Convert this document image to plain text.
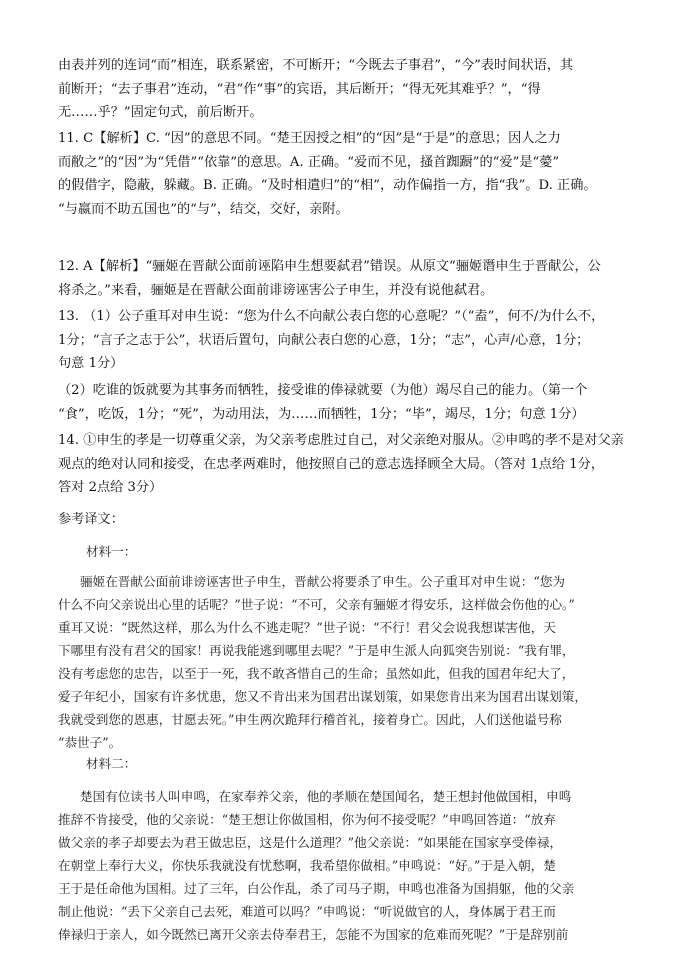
由表并列的连词“而”相连，联系紧密，不可断开；“今既去子事君”，“今”表时间状语，其
前断开；“去子事君”连动，“君”作“事”的宾语，其后断开；“得无死其难乎？”，“得
无……乎？”固定句式，前后断开。
11. C【解析】C. “因”的意思不同。“楚王因授之相”的“因”是“于是”的意思；因人之力
而敝之”的“因”为“凭借”“依靠”的意思。A. 正确。“爱而不见，搔首踟蹰”的“爱”是“薆”
的假借字，隐蔽，躲藏。B. 正确。“及时相遣归”的“相”，动作偏指一方，指“我”。D. 正确。
“与嬴而不助五国也”的“与”，结交，交好，亲附。
12. A【解析】“骊姬在晋献公面前诬陷申生想要弑君”错误。从原文“骊姬谮申生于晋献公，公
将杀之。”来看，骊姬是在晋献公面前诽谤诬害公子申生，并没有说他弑君。
13. （1）公子重耳对申生说：“您为什么不向献公表白您的心意呢？”（“盍”，何不/为什么不，
1分；“言子之志于公”，状语后置句，向献公表白您的心意，1分；“志”，心声/心意，1分；
句意 1分）
（2）吃谁的饭就要为其事务而牺牲，接受谁的俸禄就要（为他）竭尽自己的能力。（第一个
“食”，吃饭，1分；“死”，为动用法，为……而牺牲，1分；“毕”，竭尽，1分；句意 1分）
14. ①申生的孝是一切尊重父亲，为父亲考虑胜过自己，对父亲绝对服从。②申鸣的孝不是对父亲
观点的绝对认同和接受，在忠孝两难时，他按照自己的意志选择顾全大局。（答对 1点给 1分，
答对 2点给 3分）
参考译文：
材料一：
骊姬在晋献公面前诽谤诬害世子申生，晋献公将要杀了申生。公子重耳对申生说：“您为
什么不向父亲说出心里的话呢？”世子说：“不可，父亲有骊姬才得安乐，这样做会伤他的心。”
重耳又说：“既然这样，那么为什么不逃走呢？”世子说：“不行！君父会说我想谋害他，天
下哪里有没有君父的国家！再说我能逃到哪里去呢？”于是申生派人向狐突告别说：“我有罪，
没有考虑您的忠告，以至于一死，我不敢吝惜自己的生命；虽然如此，但我的国君年纪大了，
爱子年纪小，国家有许多忧患，您又不肯出来为国君出谋划策，如果您肯出来为国君出谋划策，
我就受到您的恩惠，甘愿去死。”申生两次跪拜行稽首礼，接着身亡。因此，人们送他谥号称
“恭世子”。
材料二：
楚国有位读书人叫申鸣，在家奉养父亲，他的孝顺在楚国闻名，楚王想封他做国相，申鸣
推辞不肯接受，他的父亲说：“楚王想让你做国相，你为何不接受呢？”申鸣回答道：“放弃
做父亲的孝子却要去为君王做忠臣，这是什么道理？”他父亲说：“如果能在国家享受俸禄，
在朝堂上奉行大义，你快乐我就没有忧愁啊，我希望你做相。”申鸣说：“好。”于是入朝，楚
王于是任命他为国相。过了三年，白公作乱，杀了司马子期，申鸣也准备为国捐躯，他的父亲
制止他说：“丢下父亲自己去死，难道可以吗？”申鸣说：“听说做官的人，身体属于君王而
俸禄归于亲人，如今既然已离开父亲去侍奉君王，怎能不为国家的危难而死呢？”于是辞别前
